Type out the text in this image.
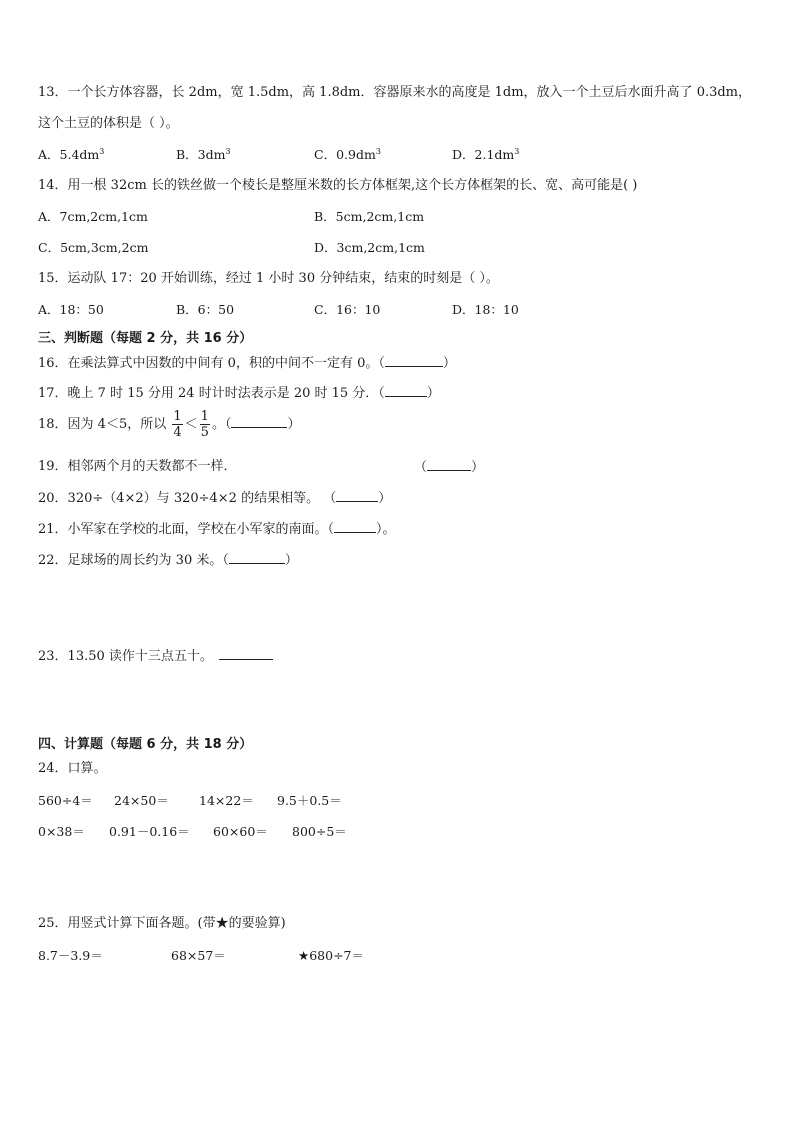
13．一个长方体容器，长 2dm，宽 1.5dm，高 1.8dm．容器原来水的高度是 1dm，放入一个土豆后水面升高了 0.3dm，
这个土豆的体积是（ ）。
A．$5.4dm^3$	B．$3dm^3$	C．$0.9dm^3$	D．$2.1dm^3$
14．用一根 32cm 长的铁丝做一个棱长是整厘米数的长方体框架,这个长方体框架的长、宽、高可能是( )
A．7cm,2cm,1cm	B．5cm,2cm,1cm
C．5cm,3cm,2cm	D．3cm,2cm,1cm
15．运动队 17：20 开始训练，经过 1 小时 30 分钟结束，结束的时刻是（ ）。
A．18：50	B．6：50	C．16：10	D．18：10
三、判断题（每题 2 分，共 16 分）
16．在乘法算式中因数的中间有 0，积的中间不一定有 0。（	）
17．晚上 7 时 15 分用 24 时计时法表示是 20 时 15 分．（	）
18．因为 4＜5，所以 $\frac{1}{4} < \frac{1}{5}$ 。（	）
19．相邻两个月的天数都不一样．	（	）
20．320÷（4×2）与 320÷4×2 的结果相等。 （	）
21．小军家在学校的北面，学校在小军家的南面。（	）。
22．足球场的周长约为 30 米。（	）
23．13.50 读作十三点五十。
四、计算题（每题 6 分，共 18 分）
24．口算。
560÷4＝ 24×50＝ 14×22＝ 9.5＋0.5＝
0×38＝ 0.91－0.16＝ 60×60＝ 800÷5＝
25．用竖式计算下面各题。(带★的要验算)
8.7－3.9＝	68×57＝	★680÷7＝
